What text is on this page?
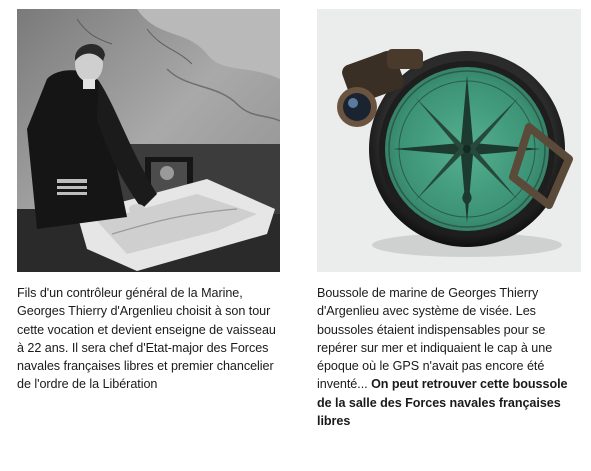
Fils d'un contrôleur général de la Marine, Georges Thierry d'Argenlieu choisit à son tour cette vocation et devient enseigne de vaisseau à 22 ans. Il sera chef d'Etat-major des Forces navales françaises libres et premier chancelier de l'ordre de la Libération
Boussole de marine de Georges Thierry d'Argenlieu avec système de visée. Les boussoles étaient indispensables pour se repérer sur mer et indiquaient le cap à une époque où le GPS n'avait pas encore été inventé... On peut retrouver cette boussole de la salle des Forces navales françaises libres
